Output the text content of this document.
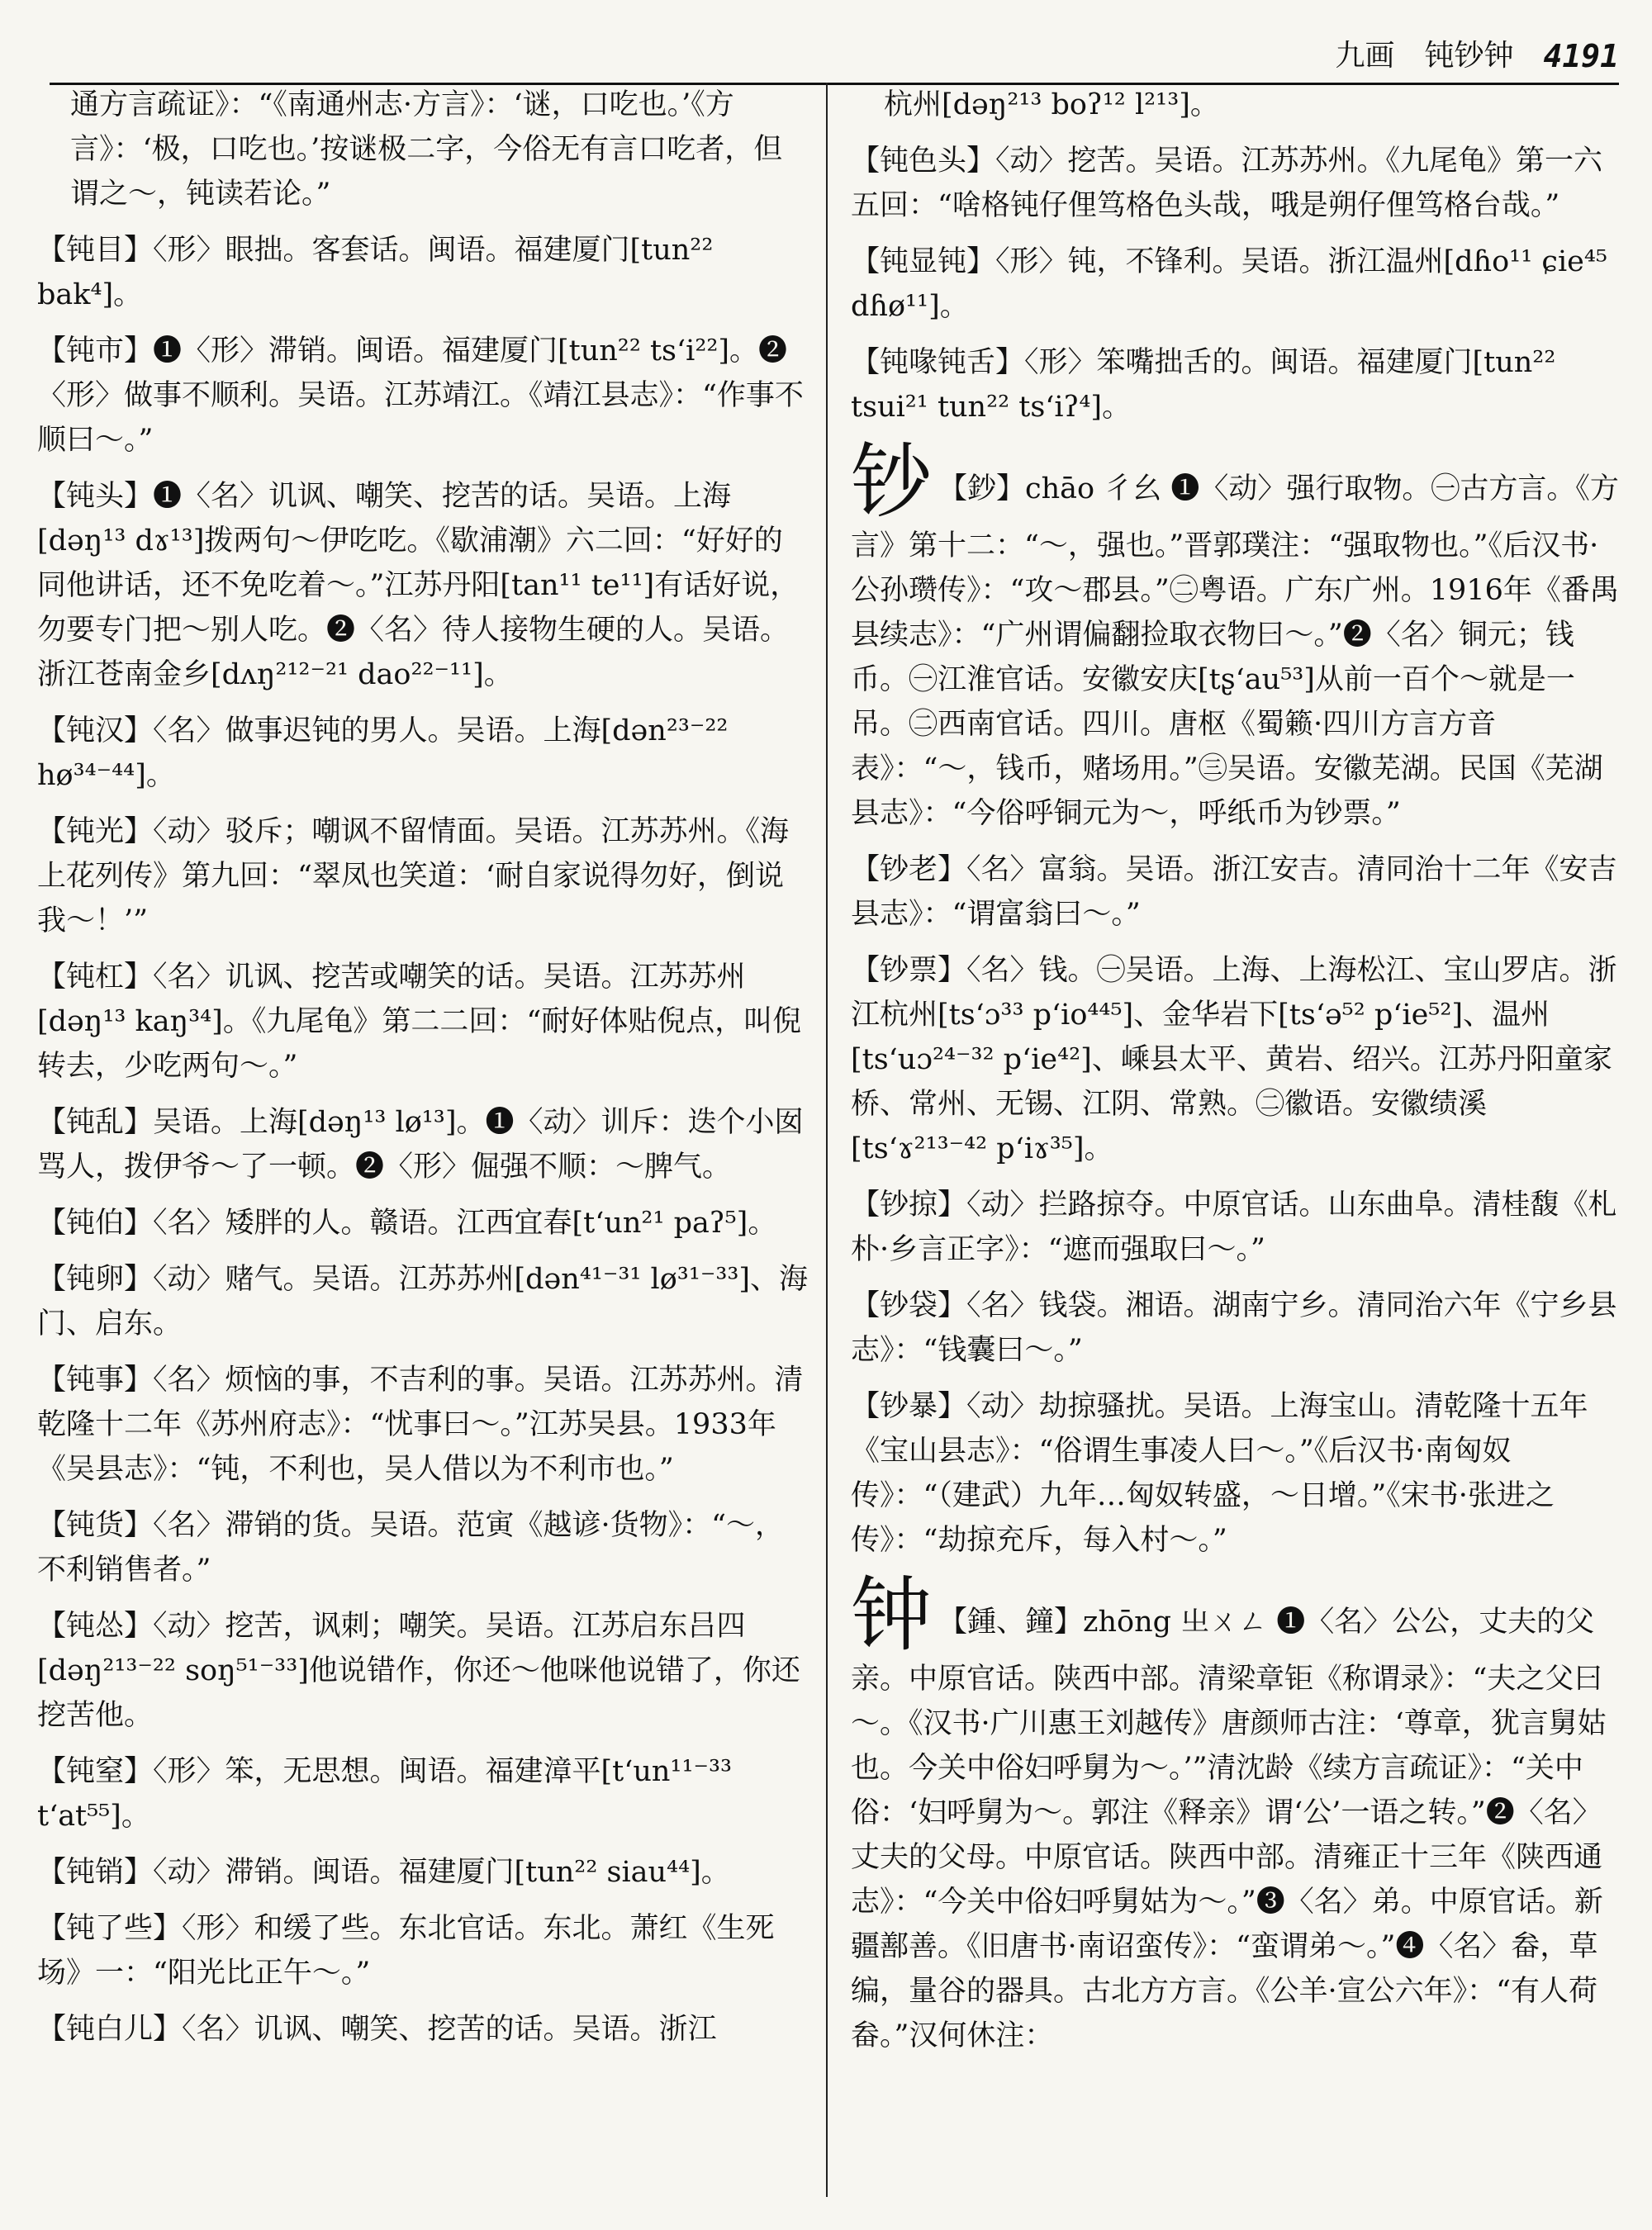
九画 钝钞钟 4191

通方言疏证》：“《南通州志·方言》：‘谜，口吃也。’《方言》：‘极，口吃也。’按谜极二字，今俗无有言口吃者，但谓之～，钝读若论。”

【钝目】〈形〉眼拙。客套话。闽语。福建厦门[tun²² bak⁴]。

【钝市】❶〈形〉滞销。闽语。福建厦门[tun²² ts‘i²²]。❷〈形〉做事不顺利。吴语。江苏靖江。《靖江县志》：“作事不顺曰～。”

【钝头】❶〈名〉讥讽、嘲笑、挖苦的话。吴语。上海[dəŋ¹³ dɤ¹³]拨两句～伊吃吃。《歇浦潮》六二回：“好好的同他讲话，还不免吃着～。”江苏丹阳[tan¹¹ te¹¹]有话好说，勿要专门把～别人吃。❷〈名〉待人接物生硬的人。吴语。浙江苍南金乡[dʌŋ²¹²⁻²¹ dao²²⁻¹¹]。

【钝汉】〈名〉做事迟钝的男人。吴语。上海[dən²³⁻²² hø³⁴⁻⁴⁴]。

【钝光】〈动〉驳斥；嘲讽不留情面。吴语。江苏苏州。《海上花列传》第九回：“翠凤也笑道：‘耐自家说得勿好，倒说我～！’”

【钝杠】〈名〉讥讽、挖苦或嘲笑的话。吴语。江苏苏州[dəŋ¹³ kaŋ³⁴]。《九尾龟》第二二回：“耐好体贴倪点，叫倪转去，少吃两句～。”

【钝乱】吴语。上海[dəŋ¹³ lø¹³]。❶〈动〉训斥：迭个小囡骂人，拨伊爷～了一顿。❷〈形〉倔强不顺：～脾气。

【钝伯】〈名〉矮胖的人。赣语。江西宜春[t‘un²¹ paʔ⁵]。

【钝卵】〈动〉赌气。吴语。江苏苏州[dən⁴¹⁻³¹ lø³¹⁻³³]、海门、启东。

【钝事】〈名〉烦恼的事，不吉利的事。吴语。江苏苏州。清乾隆十二年《苏州府志》：“忧事曰～。”江苏吴县。1933年《吴县志》：“钝，不利也，吴人借以为不利市也。”

【钝货】〈名〉滞销的货。吴语。范寅《越谚·货物》：“～，不利销售者。”

【钝怂】〈动〉挖苦，讽刺；嘲笑。吴语。江苏启东吕四[dəŋ²¹³⁻²² soŋ⁵¹⁻³³]他说错作，你还～他咪他说错了，你还挖苦他。

【钝窒】〈形〉笨，无思想。闽语。福建漳平[t‘un¹¹⁻³³ t‘at⁵⁵]。

【钝销】〈动〉滞销。闽语。福建厦门[tun²² siau⁴⁴]。

【钝了些】〈形〉和缓了些。东北官话。东北。萧红《生死场》一：“阳光比正午～。”

【钝白儿】〈名〉讥讽、嘲笑、挖苦的话。吴语。浙江

杭州[dəŋ²¹³ boʔ¹² l²¹³]。

【钝色头】〈动〉挖苦。吴语。江苏苏州。《九尾龟》第一六五回：“啥格钝仔俚笃格色头哉，哦是朔仔俚笃格台哉。”

【钝显钝】〈形〉钝，不锋利。吴语。浙江温州[dɦo¹¹ ɕie⁴⁵ dɦø¹¹]。

【钝喙钝舌】〈形〉笨嘴拙舌的。闽语。福建厦门[tun²² tsui²¹ tun²² ts‘iʔ⁴]。

钞 【鈔】chāo 彳幺 ❶〈动〉强行取物。㊀古方言。《方言》第十二：“～，强也。”晋郭璞注：“强取物也。”《后汉书·公孙瓒传》：“攻～郡县。”㊁粤语。广东广州。1916年《番禺县续志》：“广州谓偏翻捡取衣物曰～。”❷〈名〉铜元；钱币。㊀江淮官话。安徽安庆[tʂ‘au⁵³]从前一百个～就是一吊。㊁西南官话。四川。唐枢《蜀籁·四川方言方音表》：“～，钱币，赌场用。”㊂吴语。安徽芜湖。民国《芜湖县志》：“今俗呼铜元为～，呼纸币为钞票。”

【钞老】〈名〉富翁。吴语。浙江安吉。清同治十二年《安吉县志》：“谓富翁曰～。”

【钞票】〈名〉钱。㊀吴语。上海、上海松江、宝山罗店。浙江杭州[ts‘ɔ³³ p‘io⁴⁴⁵]、金华岩下[ts‘ə⁵² p‘ie⁵²]、温州[ts‘uɔ²⁴⁻³² p‘ie⁴²]、嵊县太平、黄岩、绍兴。江苏丹阳童家桥、常州、无锡、江阴、常熟。㊁徽语。安徽绩溪[ts‘ɤ²¹³⁻⁴² p‘iɤ³⁵]。

【钞掠】〈动〉拦路掠夺。中原官话。山东曲阜。清桂馥《札朴·乡言正字》：“遮而强取曰～。”

【钞袋】〈名〉钱袋。湘语。湖南宁乡。清同治六年《宁乡县志》：“钱囊曰～。”

【钞暴】〈动〉劫掠骚扰。吴语。上海宝山。清乾隆十五年《宝山县志》：“俗谓生事凌人曰～。”《后汉书·南匈奴传》：“（建武）九年…匈奴转盛，～日增。”《宋书·张进之传》：“劫掠充斥，每入村～。”

钟 【鍾、鐘】zhōng 㞢ㄨㄥ ❶〈名〉公公，丈夫的父亲。中原官话。陕西中部。清梁章钜《称谓录》：“夫之父曰～。《汉书·广川惠王刘越传》唐颜师古注：‘尊章，犹言舅姑也。今关中俗妇呼舅为～。’”清沈龄《续方言疏证》：“关中俗：‘妇呼舅为～。郭注《释亲》谓‘公’一语之转。”❷〈名〉丈夫的父母。中原官话。陕西中部。清雍正十三年《陕西通志》：“今关中俗妇呼舅姑为～。”❸〈名〉弟。中原官话。新疆鄯善。《旧唐书·南诏蛮传》：“蛮谓弟～。”❹〈名〉畚，草编，量谷的器具。古北方方言。《公羊·宣公六年》：“有人荷畚。”汉何休注：
